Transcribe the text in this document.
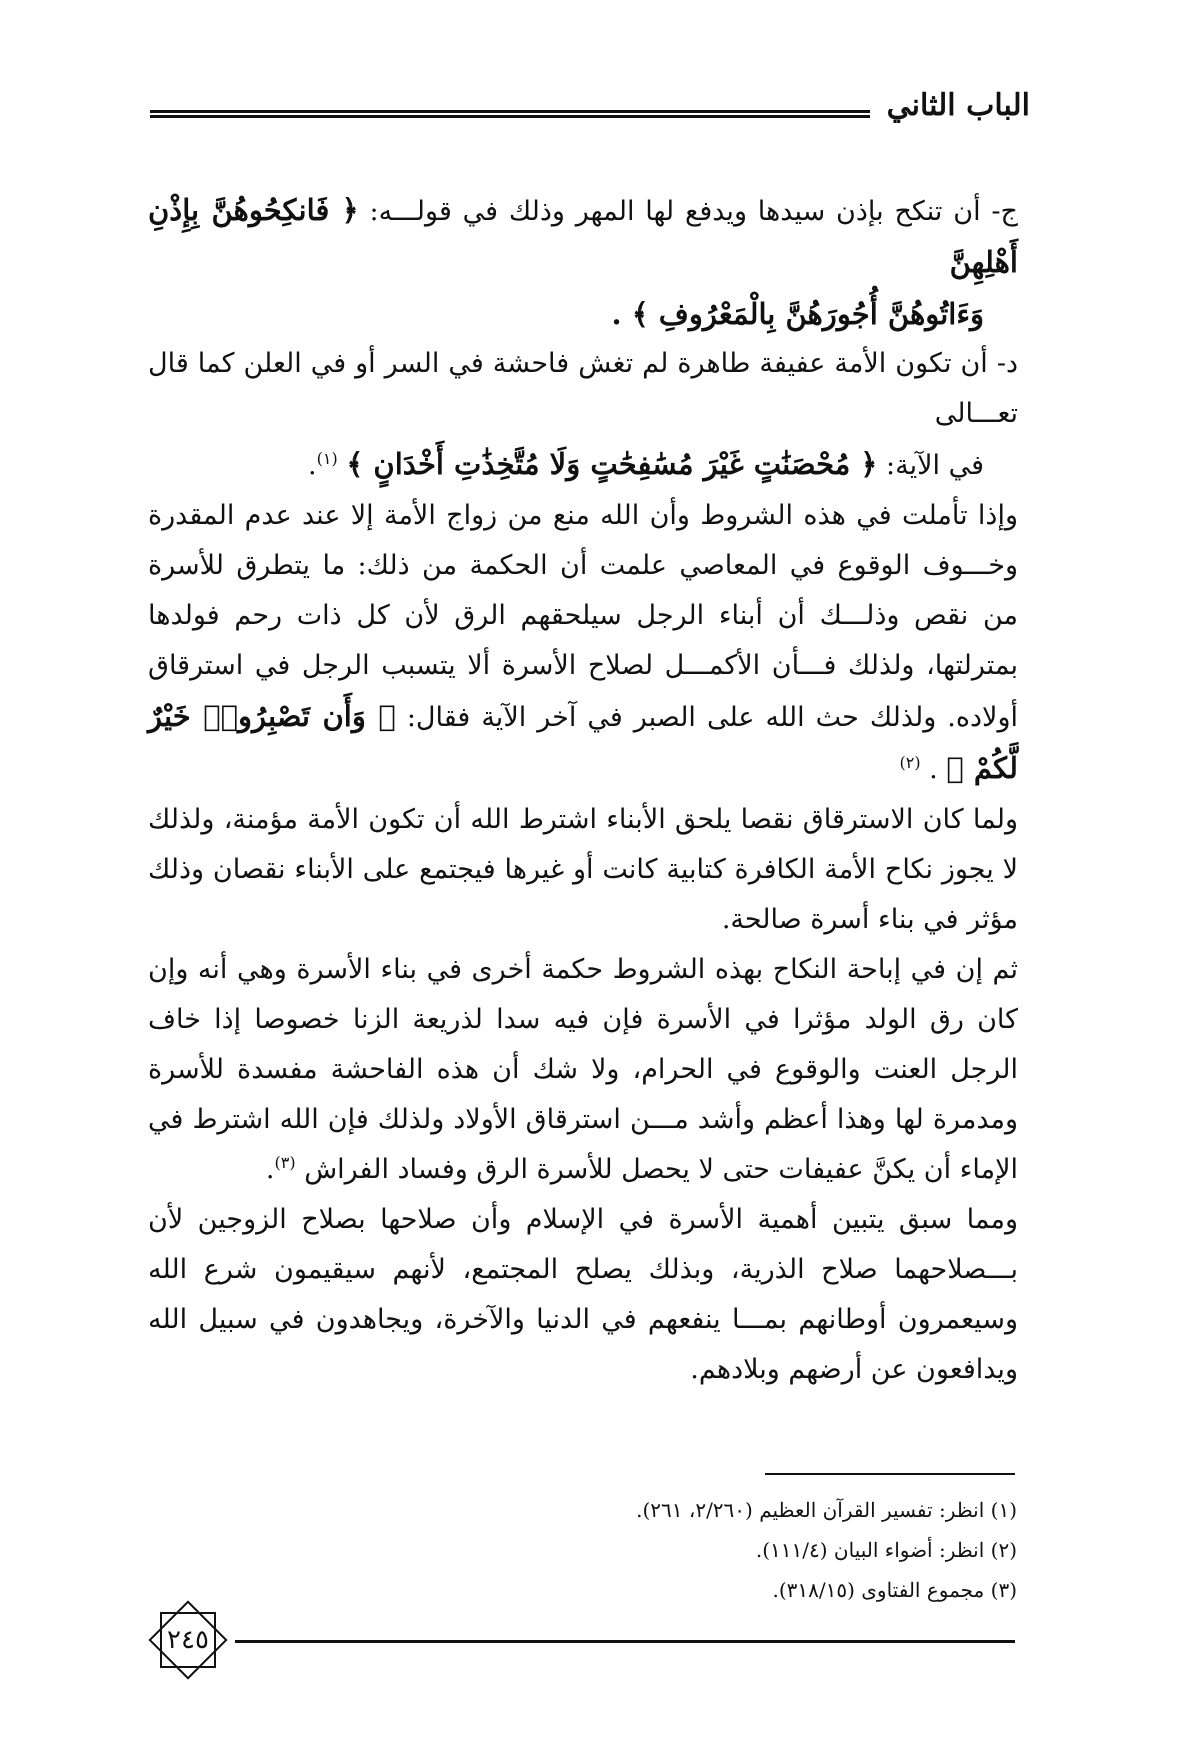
الباب الثاني

ج- أن تنكح بإذن سيدها ويدفع لها المهر وذلك في قولـــه: ﴿ فَانكِحُوهُنَّ بِإِذْنِ أَهْلِهِنَّ
وَءَاتُوهُنَّ أُجُورَهُنَّ بِالْمَعْرُوفِ ﴾ .

د- أن تكون الأمة عفيفة طاهرة لم تغش فاحشة في السر أو في العلن كما قال تعـــالى
في الآية: ﴿ مُحْصَنَٰتٍ غَيْرَ مُسَٰفِحَٰتٍ وَلَا مُتَّخِذَٰتِ أَخْدَانٍ ﴾ $^{(١)}$.

وإذا تأملت في هذه الشروط وأن الله منع من زواج الأمة إلا عند عدم المقدرة وخـــوف الوقوع في المعاصي علمت أن الحكمة من ذلك: ما يتطرق للأسرة من نقص وذلـــك أن أبناء الرجل سيلحقهم الرق لأن كل ذات رحم فولدها بمترلتها، ولذلك فـــأن الأكمـــل لصلاح الأسرة ألا يتسبب الرجل في استرقاق أولاده. ولذلك حث الله على الصبر في آخر الآية فقال: ﴿ وَأَن تَصْبِرُوا۟ خَيْرٌ لَّكُمْ ﴾ . $^{(٢)}$

ولما كان الاسترقاق نقصا يلحق الأبناء اشترط الله أن تكون الأمة مؤمنة، ولذلك لا يجوز نكاح الأمة الكافرة كتابية كانت أو غيرها فيجتمع على الأبناء نقصان وذلك مؤثر في بناء أسرة صالحة.

ثم إن في إباحة النكاح بهذه الشروط حكمة أخرى في بناء الأسرة وهي أنه وإن كان رق الولد مؤثرا في الأسرة فإن فيه سدا لذريعة الزنا خصوصا إذا خاف الرجل العنت والوقوع في الحرام، ولا شك أن هذه الفاحشة مفسدة للأسرة ومدمرة لها وهذا أعظم وأشد مـــن استرقاق الأولاد ولذلك فإن الله اشترط في الإماء أن يكنَّ عفيفات حتى لا يحصل للأسرة الرق وفساد الفراش $^{(٣)}$.

ومما سبق يتبين أهمية الأسرة في الإسلام وأن صلاحها بصلاح الزوجين لأن بـــصلاحهما صلاح الذرية، وبذلك يصلح المجتمع، لأنهم سيقيمون شرع الله وسيعمرون أوطانهم بمـــا ينفعهم في الدنيا والآخرة، ويجاهدون في سبيل الله ويدافعون عن أرضهم وبلادهم.

(١) انظر: تفسير القرآن العظيم (٢/٢٦٠، ٢٦١).

(٢) انظر: أضواء البيان (١١١/٤).

(٣) مجموع الفتاوى (٣١٨/١٥).

٢٤٥
